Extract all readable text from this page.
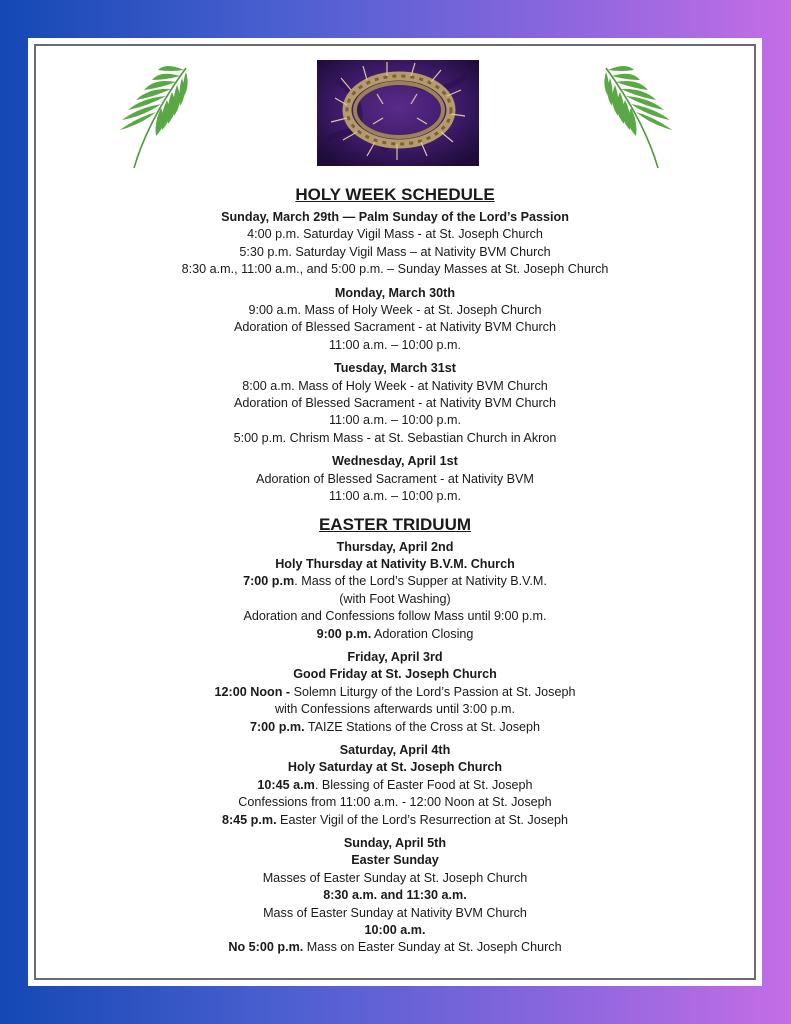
HOLY WEEK SCHEDULE
Sunday, March 29th — Palm Sunday of the Lord’s Passion
4:00 p.m. Saturday Vigil Mass - at St. Joseph Church
5:30 p.m. Saturday Vigil Mass – at Nativity BVM Church
8:30 a.m., 11:00 a.m., and 5:00 p.m. – Sunday Masses at St. Joseph Church
Monday, March 30th
9:00 a.m. Mass of Holy Week - at St. Joseph Church
Adoration of Blessed Sacrament - at Nativity BVM Church
11:00 a.m. – 10:00 p.m.
Tuesday, March 31st
8:00 a.m. Mass of Holy Week - at Nativity BVM Church
Adoration of Blessed Sacrament - at Nativity BVM Church
11:00 a.m. – 10:00 p.m.
5:00 p.m. Chrism Mass - at St. Sebastian Church in Akron
Wednesday, April 1st
Adoration of Blessed Sacrament - at Nativity BVM
11:00 a.m. – 10:00 p.m.
EASTER TRIDUUM
Thursday, April 2nd
Holy Thursday at Nativity B.V.M. Church
7:00 p.m. Mass of the Lord’s Supper at Nativity B.V.M.
(with Foot Washing)
Adoration and Confessions follow Mass until 9:00 p.m.
9:00 p.m. Adoration Closing
Friday, April 3rd
Good Friday at St. Joseph Church
12:00 Noon - Solemn Liturgy of the Lord’s Passion at St. Joseph
with Confessions afterwards until 3:00 p.m.
7:00 p.m. TAIZE Stations of the Cross at St. Joseph
Saturday, April 4th
Holy Saturday at St. Joseph Church
10:45 a.m. Blessing of Easter Food at St. Joseph
Confessions from 11:00 a.m. - 12:00 Noon at St. Joseph
8:45 p.m. Easter Vigil of the Lord’s Resurrection at St. Joseph
Sunday, April 5th
Easter Sunday
Masses of Easter Sunday at St. Joseph Church
8:30 a.m. and 11:30 a.m.
Mass of Easter Sunday at Nativity BVM Church
10:00 a.m.
No 5:00 p.m. Mass on Easter Sunday at St. Joseph Church
